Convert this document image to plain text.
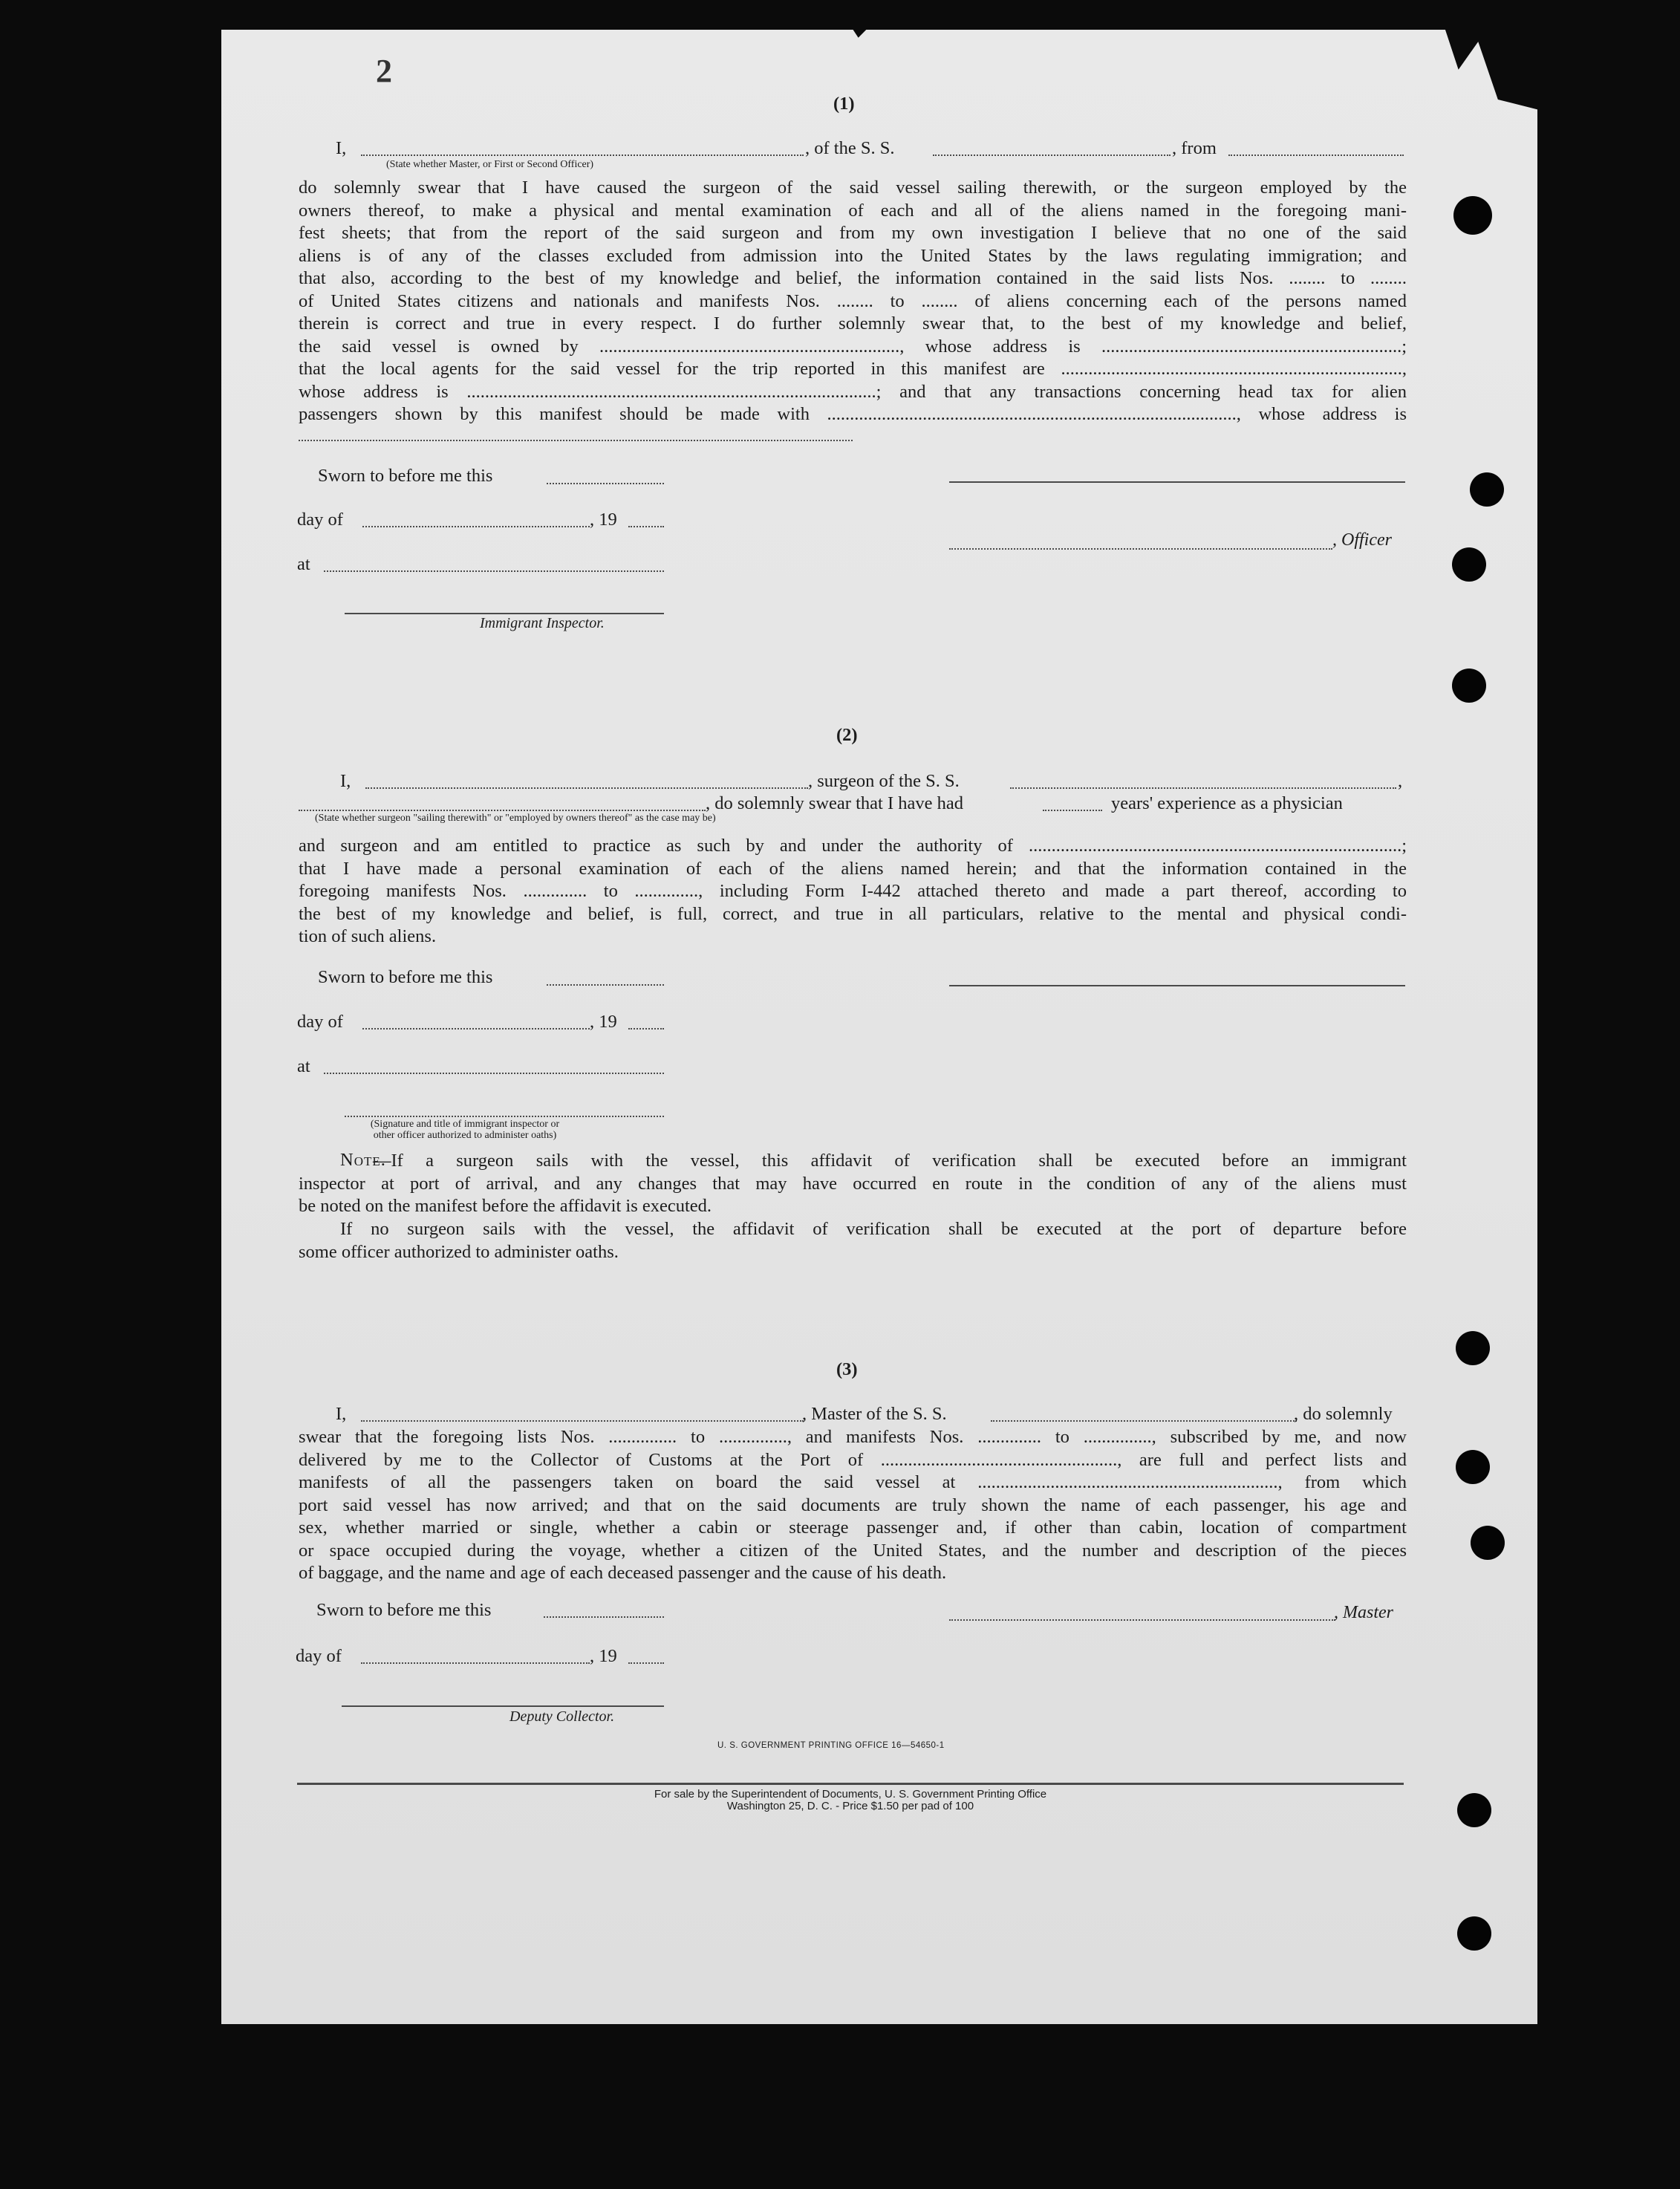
2
(1)
I,	, of the S. S.	, from
(State whether Master, or First or Second Officer)
do solemnly swear that I have caused the surgeon of the said vessel sailing therewith, or the surgeon employed by the
owners thereof, to make a physical and mental examination of each and all of the aliens named in the foregoing mani-
fest sheets; that from the report of the said surgeon and from my own investigation I believe that no one of the said
aliens is of any of the classes excluded from admission into the United States by the laws regulating immigration; and
that also, according to the best of my knowledge and belief, the information contained in the said lists Nos. ........ to ........
of United States citizens and nationals and manifests Nos. ........ to ........ of aliens concerning each of the persons named
therein is correct and true in every respect. I do further solemnly swear that, to the best of my knowledge and belief,
the said vessel is owned by .................................................................., whose address is ..................................................................;
that the local agents for the said vessel for the trip reported in this manifest are ...........................................................................,
whose address is ..........................................................................................; and that any transactions concerning head tax for alien
passengers shown by this manifest should be made with .........................................................................................., whose address is
Sworn to before me this
day of	, 19
at
Immigrant Inspector.
, Officer
(2)
I,	, surgeon of the S. S.	,
, do solemnly swear that I have had	years' experience as a physician
(State whether surgeon "sailing therewith" or "employed by owners thereof" as the case may be)
and surgeon and am entitled to practice as such by and under the authority of ..................................................................................;
that I have made a personal examination of each of the aliens named herein; and that the information contained in the
foregoing manifests Nos. .............. to .............., including Form I-442 attached thereto and made a part thereof, according to
the best of my knowledge and belief, is full, correct, and true in all particulars, relative to the mental and physical condi-
tion of such aliens.
Sworn to before me this
day of	, 19
at
(Signature and title of immigrant inspector or
other officer authorized to administer oaths)
Note.
—If a surgeon sails with the vessel, this affidavit of verification shall be executed before an immigrant
inspector at port of arrival, and any changes that may have occurred en route in the condition of any of the aliens must
be noted on the manifest before the affidavit is executed.
If no surgeon sails with the vessel, the affidavit of verification shall be executed at the port of departure before
some officer authorized to administer oaths.
(3)
I,	, Master of the S. S.	, do solemnly
swear that the foregoing lists Nos. ............... to ..............., and manifests Nos. .............. to ..............., subscribed by me, and now
delivered by me to the Collector of Customs at the Port of ...................................................., are full and perfect lists and
manifests of all the passengers taken on board the said vessel at .................................................................., from which
port said vessel has now arrived; and that on the said documents are truly shown the name of each passenger, his age and
sex, whether married or single, whether a cabin or steerage passenger and, if other than cabin, location of compartment
or space occupied during the voyage, whether a citizen of the United States, and the number and description of the pieces
of baggage, and the name and age of each deceased passenger and the cause of his death.
Sworn to before me this
day of	, 19
Deputy Collector.
, Master
U. S. GOVERNMENT PRINTING OFFICE 16—54650-1
For sale by the Superintendent of Documents, U. S. Government Printing Office
Washington 25, D. C. - Price $1.50 per pad of 100
